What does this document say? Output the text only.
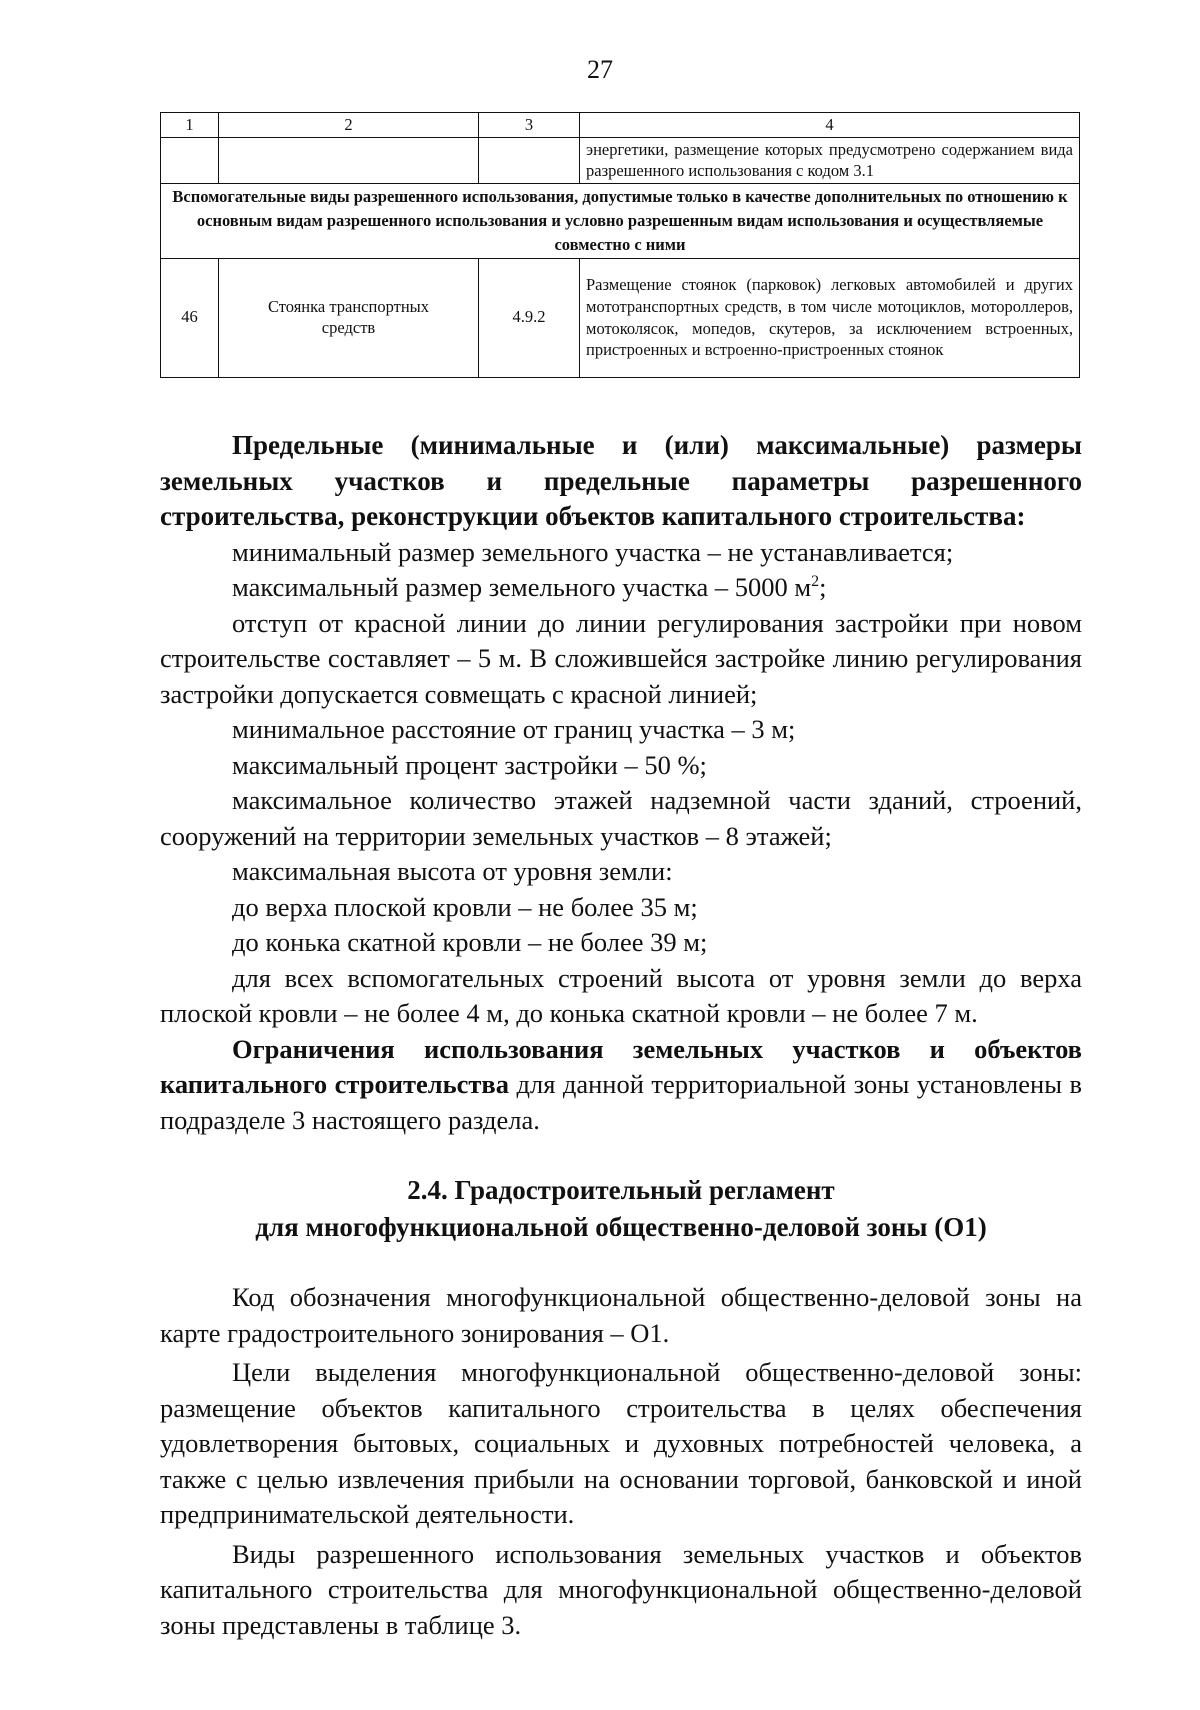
27
1	2	3	4
			энергетики, размещение которых предусмотрено содержанием вида разрешенного использования с кодом 3.1
Вспомогательные виды разрешенного использования, допустимые только в качестве дополнительных по отношению к основным видам разрешенного использования и условно разрешенным видам использования и осуществляемые совместно с ними			
46	Стоянка транспортных средств	4.9.2	Размещение стоянок (парковок) легковых автомобилей и других мототранспортных средств, в том числе мотоциклов, мотороллеров, мотоколясок, мопедов, скутеров, за исключением встроенных, пристроенных и встроенно-пристроенных стоянок

Предельные (минимальные и (или) максимальные) размеры земельных участков и предельные параметры разрешенного строительства, реконструкции объектов капитального строительства:

минимальный размер земельного участка – не устанавливается;

максимальный размер земельного участка – 5000 $м^2$;

отступ от красной линии до линии регулирования застройки при новом строительстве составляет – 5 м. В сложившейся застройке линию регулирования застройки допускается совмещать с красной линией;

минимальное расстояние от границ участка – 3 м;

максимальный процент застройки – 50 %;

максимальное количество этажей надземной части зданий, строений, сооружений на территории земельных участков – 8 этажей;

максимальная высота от уровня земли:

до верха плоской кровли – не более 35 м;

до конька скатной кровли – не более 39 м;

для всех вспомогательных строений высота от уровня земли до верха плоской кровли – не более 4 м, до конька скатной кровли – не более 7 м.

Ограничения использования земельных участков и объектов капитального строительства для данной территориальной зоны установлены в подразделе 3 настоящего раздела.

2.4. Градостроительный регламент
для многофункциональной общественно-деловой зоны (О1)

Код обозначения многофункциональной общественно-деловой зоны на карте градостроительного зонирования – О1.

Цели выделения многофункциональной общественно-деловой зоны: размещение объектов капитального строительства в целях обеспечения удовлетворения бытовых, социальных и духовных потребностей человека, а также с целью извлечения прибыли на основании торговой, банковской и иной предпринимательской деятельности.

Виды разрешенного использования земельных участков и объектов капитального строительства для многофункциональной общественно-деловой зоны представлены в таблице 3.
